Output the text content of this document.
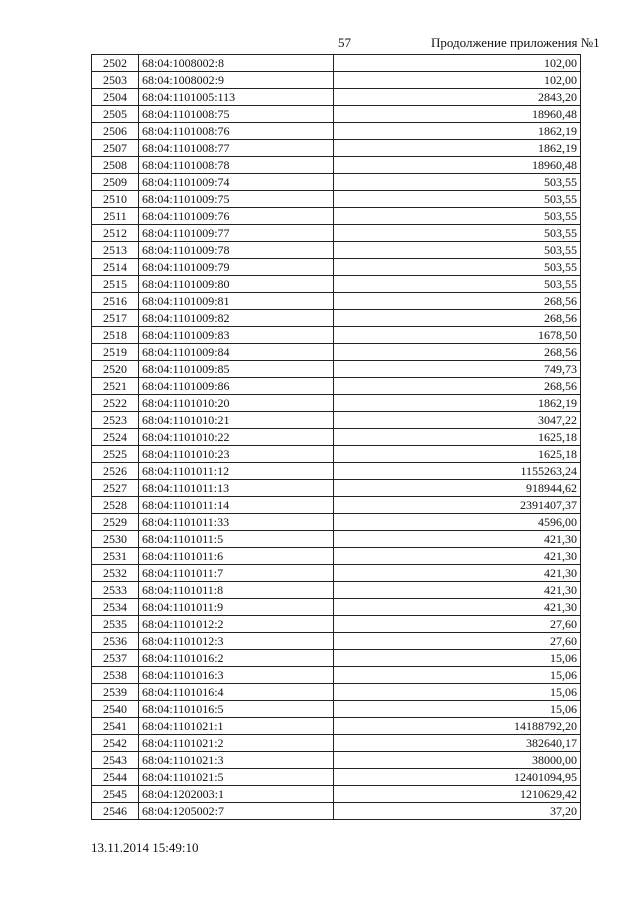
57	Продолжение приложения №1
2502	68:04:1008002:8	102,00
2503	68:04:1008002:9	102,00
2504	68:04:1101005:113	2843,20
2505	68:04:1101008:75	18960,48
2506	68:04:1101008:76	1862,19
2507	68:04:1101008:77	1862,19
2508	68:04:1101008:78	18960,48
2509	68:04:1101009:74	503,55
2510	68:04:1101009:75	503,55
2511	68:04:1101009:76	503,55
2512	68:04:1101009:77	503,55
2513	68:04:1101009:78	503,55
2514	68:04:1101009:79	503,55
2515	68:04:1101009:80	503,55
2516	68:04:1101009:81	268,56
2517	68:04:1101009:82	268,56
2518	68:04:1101009:83	1678,50
2519	68:04:1101009:84	268,56
2520	68:04:1101009:85	749,73
2521	68:04:1101009:86	268,56
2522	68:04:1101010:20	1862,19
2523	68:04:1101010:21	3047,22
2524	68:04:1101010:22	1625,18
2525	68:04:1101010:23	1625,18
2526	68:04:1101011:12	1155263,24
2527	68:04:1101011:13	918944,62
2528	68:04:1101011:14	2391407,37
2529	68:04:1101011:33	4596,00
2530	68:04:1101011:5	421,30
2531	68:04:1101011:6	421,30
2532	68:04:1101011:7	421,30
2533	68:04:1101011:8	421,30
2534	68:04:1101011:9	421,30
2535	68:04:1101012:2	27,60
2536	68:04:1101012:3	27,60
2537	68:04:1101016:2	15,06
2538	68:04:1101016:3	15,06
2539	68:04:1101016:4	15,06
2540	68:04:1101016:5	15,06
2541	68:04:1101021:1	14188792,20
2542	68:04:1101021:2	382640,17
2543	68:04:1101021:3	38000,00
2544	68:04:1101021:5	12401094,95
2545	68:04:1202003:1	1210629,42
2546	68:04:1205002:7	37,20
13.11.2014 15:49:10
